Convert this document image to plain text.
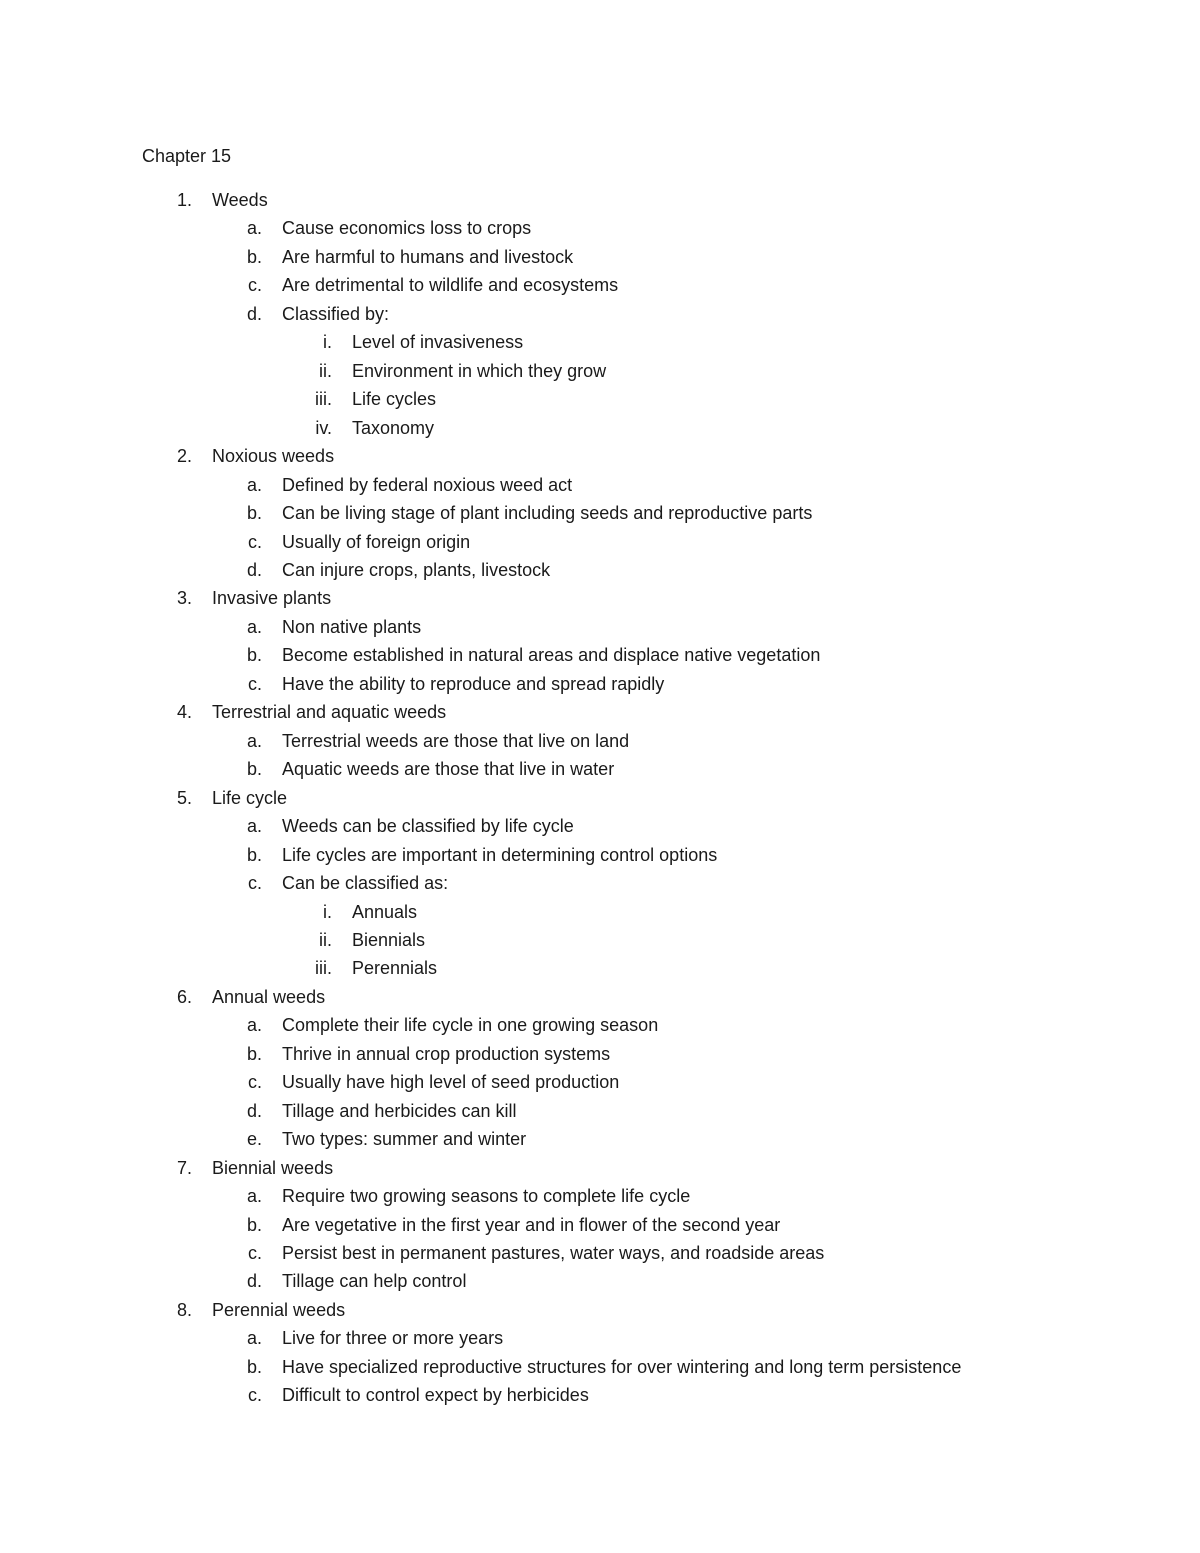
Chapter 15
1. Weeds
a. Cause economics loss to crops
b. Are harmful to humans and livestock
c. Are detrimental to wildlife and ecosystems
d. Classified by:
i. Level of invasiveness
ii. Environment in which they grow
iii. Life cycles
iv. Taxonomy
2. Noxious weeds
a. Defined by federal noxious weed act
b. Can be living stage of plant including seeds and reproductive parts
c. Usually of foreign origin
d. Can injure crops, plants, livestock
3. Invasive plants
a. Non native plants
b. Become established in natural areas and displace native vegetation
c. Have the ability to reproduce and spread rapidly
4. Terrestrial and aquatic weeds
a. Terrestrial weeds are those that live on land
b. Aquatic weeds are those that live in water
5. Life cycle
a. Weeds can be classified by life cycle
b. Life cycles are important in determining control options
c. Can be classified as:
i. Annuals
ii. Biennials
iii. Perennials
6. Annual weeds
a. Complete their life cycle in one growing season
b. Thrive in annual crop production systems
c. Usually have high level of seed production
d. Tillage and herbicides can kill
e. Two types: summer and winter
7. Biennial weeds
a. Require two growing seasons to complete life cycle
b. Are vegetative in the first year and in flower of the second year
c. Persist best in permanent pastures, water ways, and roadside areas
d. Tillage can help control
8. Perennial weeds
a. Live for three or more years
b. Have specialized reproductive structures for over wintering and long term persistence
c. Difficult to control expect by herbicides
